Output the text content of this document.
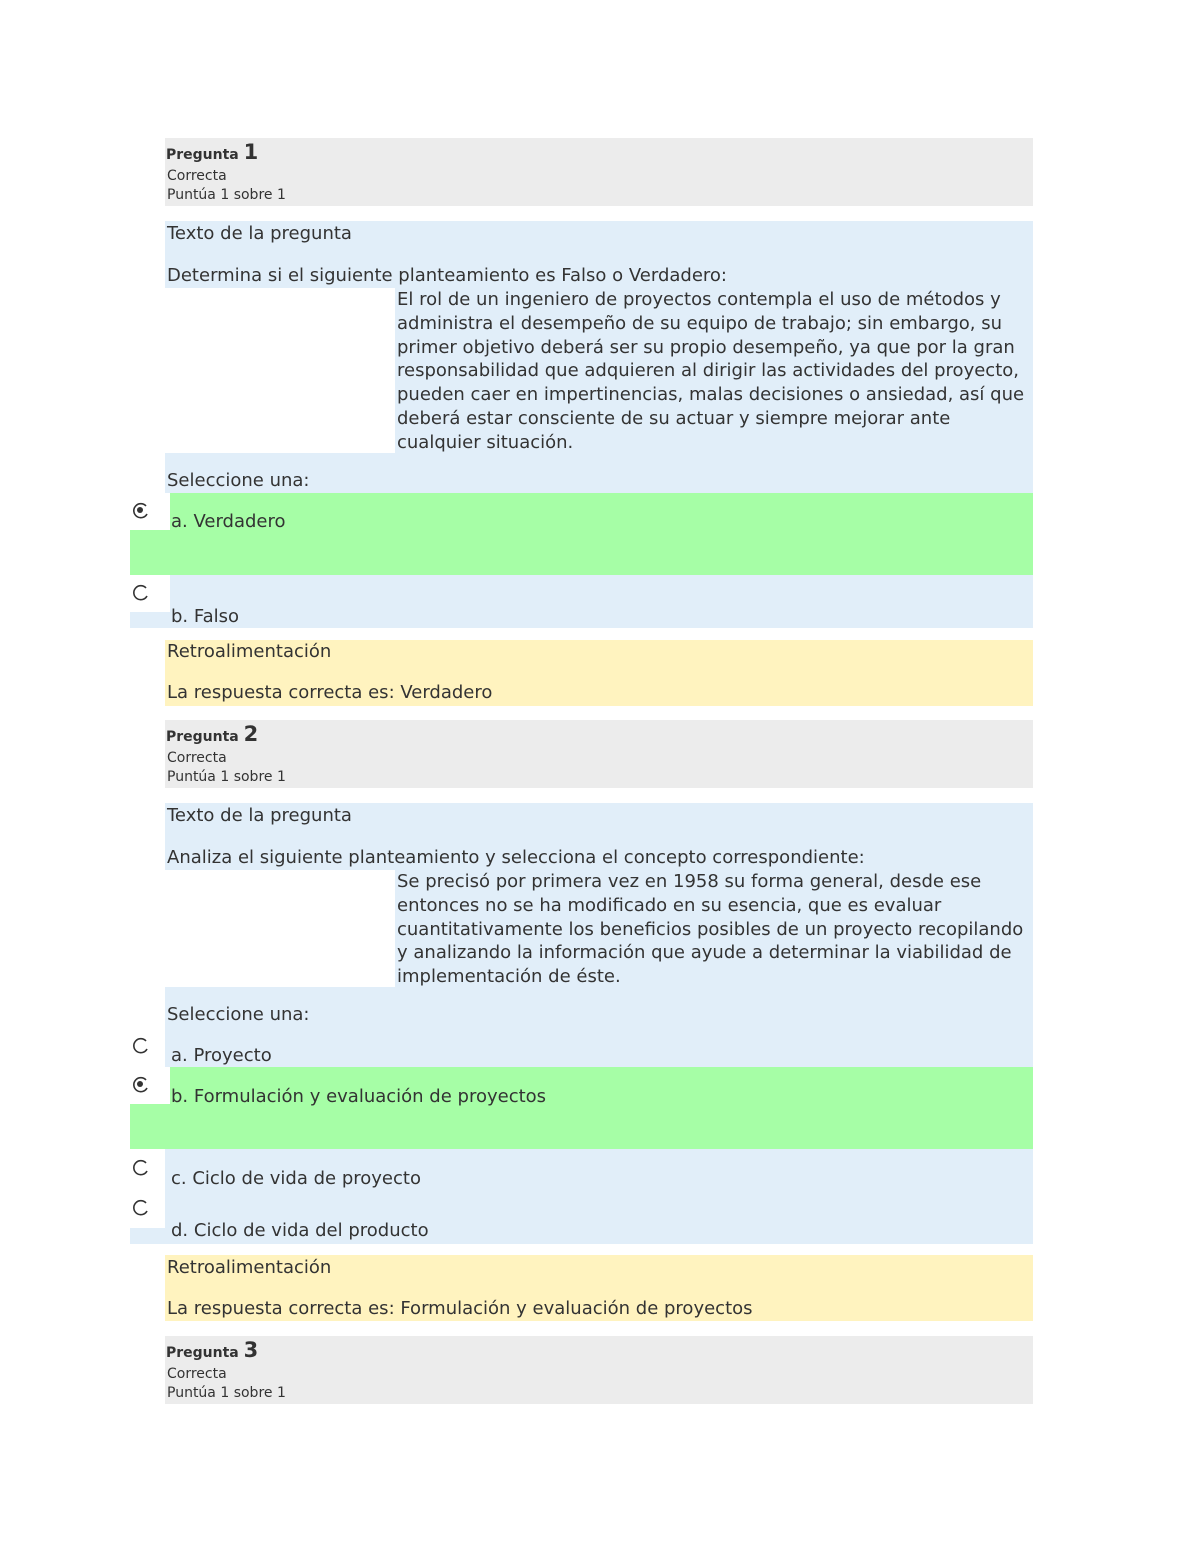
Pregunta 1
Correcta
Puntúa 1 sobre 1
Texto de la pregunta
Determina si el siguiente planteamiento es Falso o Verdadero:
El rol de un ingeniero de proyectos contempla el uso de métodos y
administra el desempeño de su equipo de trabajo; sin embargo, su
primer objetivo deberá ser su propio desempeño, ya que por la gran
responsabilidad que adquieren al dirigir las actividades del proyecto,
pueden caer en impertinencias, malas decisiones o ansiedad, así que
deberá estar consciente de su actuar y siempre mejorar ante
cualquier situación.
Seleccione una:
a. Verdadero
b. Falso
Retroalimentación
La respuesta correcta es: Verdadero
Pregunta 2
Correcta
Puntúa 1 sobre 1
Texto de la pregunta
Analiza el siguiente planteamiento y selecciona el concepto correspondiente:
Se precisó por primera vez en 1958 su forma general, desde ese
entonces no se ha modificado en su esencia, que es evaluar
cuantitativamente los beneficios posibles de un proyecto recopilando
y analizando la información que ayude a determinar la viabilidad de
implementación de éste.
Seleccione una:
a. Proyecto
b. Formulación y evaluación de proyectos
c. Ciclo de vida de proyecto
d. Ciclo de vida del producto
Retroalimentación
La respuesta correcta es: Formulación y evaluación de proyectos
Pregunta 3
Correcta
Puntúa 1 sobre 1
